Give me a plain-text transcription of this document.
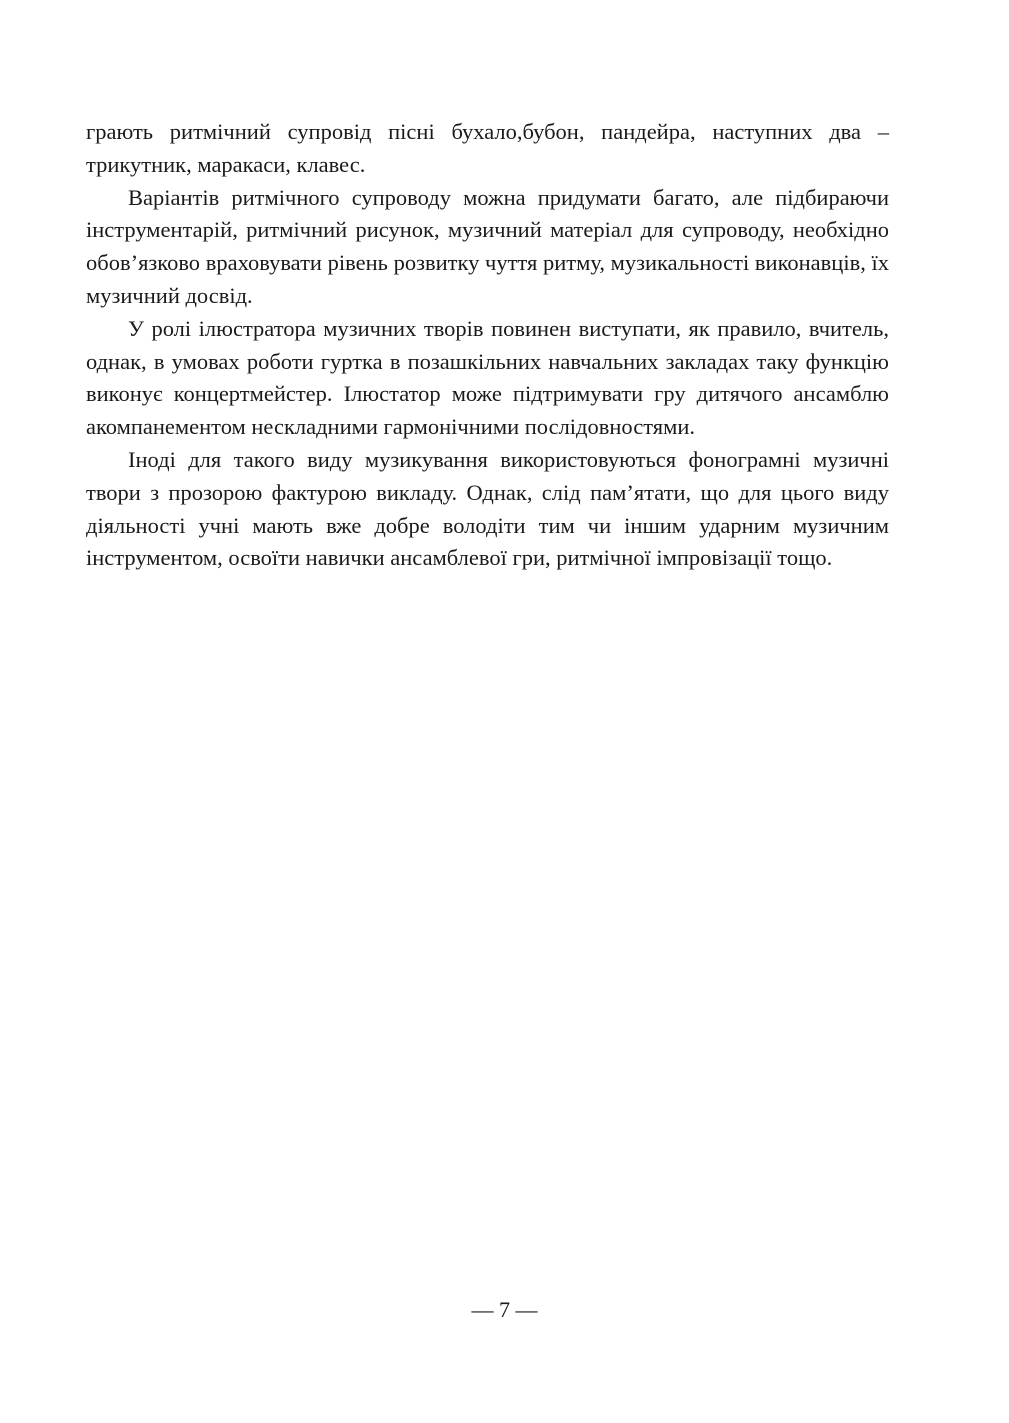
грають ритмічний супровід пісні бухало,бубон, пандейра, наступних два – трикутник, маракаси, клавес.

Варіантів ритмічного супроводу можна придумати багато, але підбираючи інструментарій, ритмічний рисунок, музичний матеріал для супроводу, необхідно обов’язково враховувати рівень розвитку чуття ритму, музикальності виконавців, їх музичний досвід.

У ролі ілюстратора музичних творів повинен виступати, як правило, вчитель, однак, в умовах роботи гуртка в позашкільних навчальних закладах таку функцію виконує концертмейстер. Ілюстатор може підтримувати гру дитячого ансамблю акомпанементом нескладними гармонічними послідовностями.

Іноді для такого виду музикування використовуються фонограмні музичні твори з прозорою фактурою викладу. Однак, слід пам’ятати, що для цього виду діяльності учні мають вже добре володіти тим чи іншим ударним музичним інструментом, освоїти навички ансамблевої гри, ритмічної імпровізації тощо.

— 7 —
